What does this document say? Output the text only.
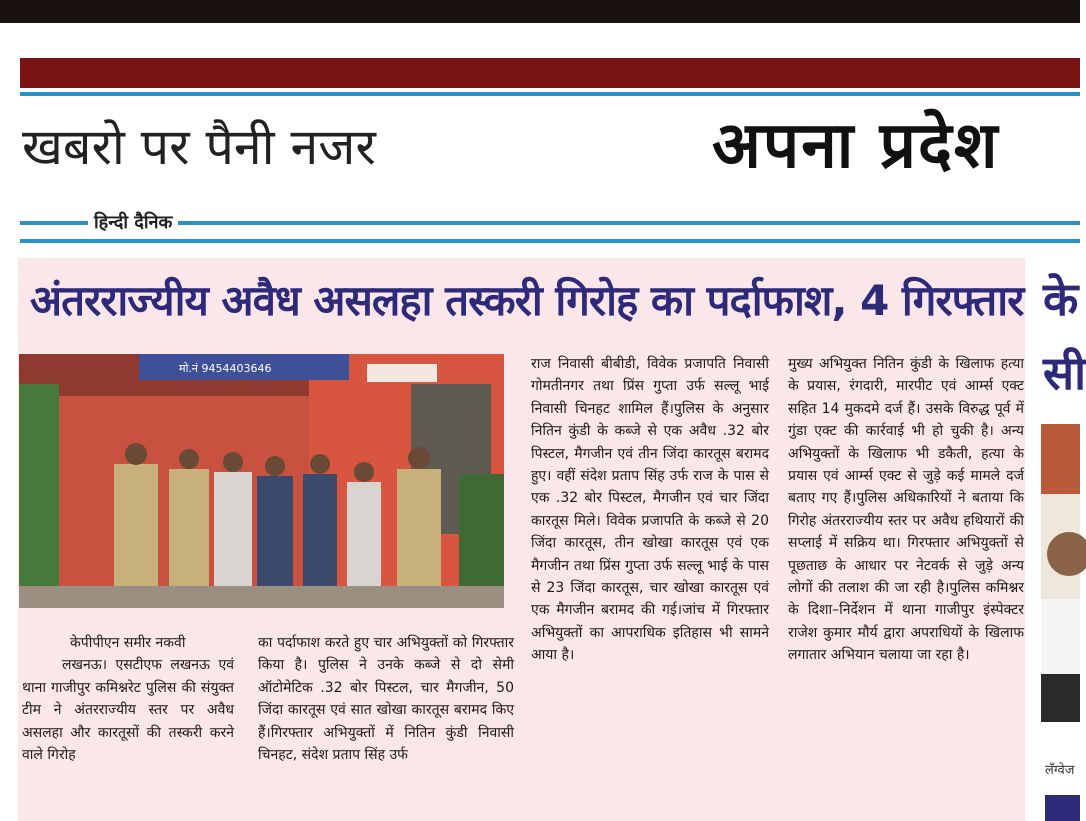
खबरो पर पैनी नजर	अपना प्रदेश
हिन्दी दैनिक
अंतरराज्यीय अवैध असलहा तस्करी गिरोह का पर्दाफाश, 4 गिरफ्तार
मो.नं 9454403646
केपीपीएन समीर नकवी
लखनऊ। एसटीएफ लखनऊ एवं थाना गाजीपुर कमिश्नरेट पुलिस की संयुक्त टीम ने अंतरराज्यीय स्तर पर अवैध असलहा और कारतूसों की तस्करी करने वाले गिरोह
का पर्दाफाश करते हुए चार अभियुक्तों को गिरफ्तार किया है। पुलिस ने उनके कब्जे से दो सेमी ऑटोमेटिक .32 बोर पिस्टल, चार मैगजीन, 50 जिंदा कारतूस एवं सात खोखा कारतूस बरामद किए हैं।गिरफ्तार अभियुक्तों में नितिन कुंडी निवासी चिनहट, संदेश प्रताप सिंह उर्फ
राज निवासी बीबीडी, विवेक प्रजापति निवासी गोमतीनगर तथा प्रिंस गुप्ता उर्फ सल्लू भाई निवासी चिनहट शामिल हैं।पुलिस के अनुसार नितिन कुंडी के कब्जे से एक अवैध .32 बोर पिस्टल, मैगजीन एवं तीन जिंदा कारतूस बरामद हुए। वहीं संदेश प्रताप सिंह उर्फ राज के पास से एक .32 बोर पिस्टल, मैगजीन एवं चार जिंदा कारतूस मिले। विवेक प्रजापति के कब्जे से 20 जिंदा कारतूस, तीन खोखा कारतूस एवं एक मैगजीन तथा प्रिंस गुप्ता उर्फ सल्लू भाई के पास से 23 जिंदा कारतूस, चार खोखा कारतूस एवं एक मैगजीन बरामद की गई।जांच में गिरफ्तार अभियुक्तों का आपराधिक इतिहास भी सामने आया है।
मुख्य अभियुक्त नितिन कुंडी के खिलाफ हत्या के प्रयास, रंगदारी, मारपीट एवं आर्म्स एक्ट सहित 14 मुकदमे दर्ज हैं। उसके विरुद्ध पूर्व में गुंडा एक्ट की कार्रवाई भी हो चुकी है। अन्य अभियुक्तों के खिलाफ भी डकैती, हत्या के प्रयास एवं आर्म्स एक्ट से जुड़े कई मामले दर्ज बताए गए हैं।पुलिस अधिकारियों ने बताया कि गिरोह अंतरराज्यीय स्तर पर अवैध हथियारों की सप्लाई में सक्रिय था। गिरफ्तार अभियुक्तों से पूछताछ के आधार पर नेटवर्क से जुड़े अन्य लोगों की तलाश की जा रही है।पुलिस कमिश्नर के दिशा–निर्देशन में थाना गाजीपुर इंस्पेक्टर राजेश कुमार मौर्य द्वारा अपराधियों के खिलाफ लगातार अभियान चलाया जा रहा है।
के
सी
लँग्वेज
